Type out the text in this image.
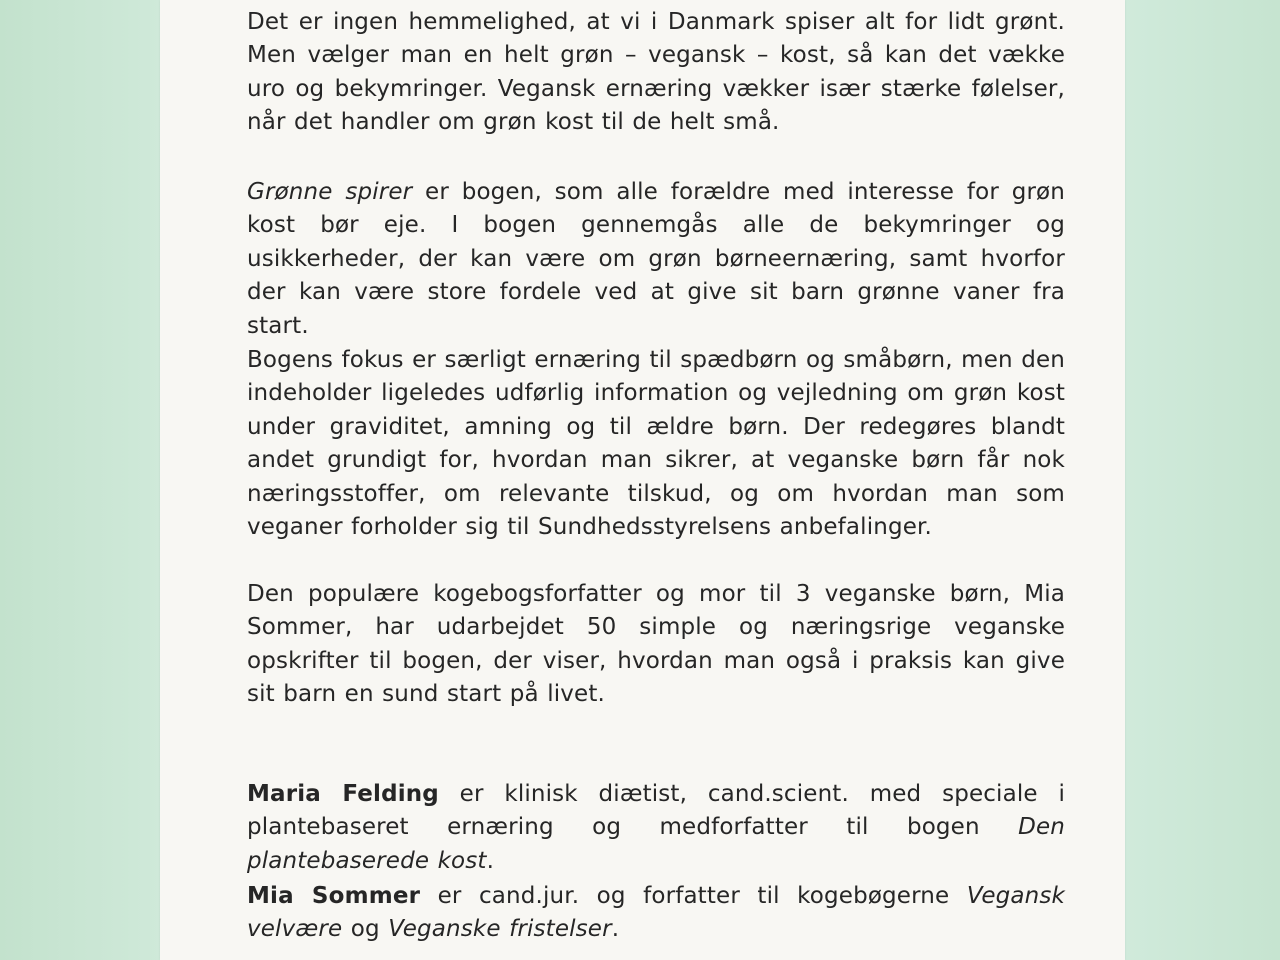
Det er ingen hemmelighed, at vi i Danmark spiser alt for lidt grønt. Men vælger man en helt grøn – vegansk – kost, så kan det vække uro og bekymringer. Vegansk ernæring vækker især stærke følelser, når det handler om grøn kost til de helt små.

Grønne spirer er bogen, som alle forældre med interesse for grøn kost bør eje. I bogen gennemgås alle de bekymringer og usikkerheder, der kan være om grøn børneernæring, samt hvorfor der kan være store fordele ved at give sit barn grønne vaner fra start.

Bogens fokus er særligt ernæring til spædbørn og småbørn, men den indeholder ligeledes udførlig information og vejledning om grøn kost under graviditet, amning og til ældre børn. Der redegøres blandt andet grundigt for, hvordan man sikrer, at veganske børn får nok næringsstoffer, om relevante tilskud, og om hvordan man som veganer forholder sig til Sundhedsstyrelsens anbefalinger.

Den populære kogebogsforfatter og mor til 3 veganske børn, Mia Sommer, har udarbejdet 50 simple og næringsrige veganske opskrifter til bogen, der viser, hvordan man også i praksis kan give sit barn en sund start på livet.

Maria Felding er klinisk diætist, cand.scient. med speciale i plantebaseret ernæring og medforfatter til bogen Den plantebaserede kost.

Mia Sommer er cand.jur. og forfatter til kogebøgerne Vegansk velvære og Veganske fristelser.
